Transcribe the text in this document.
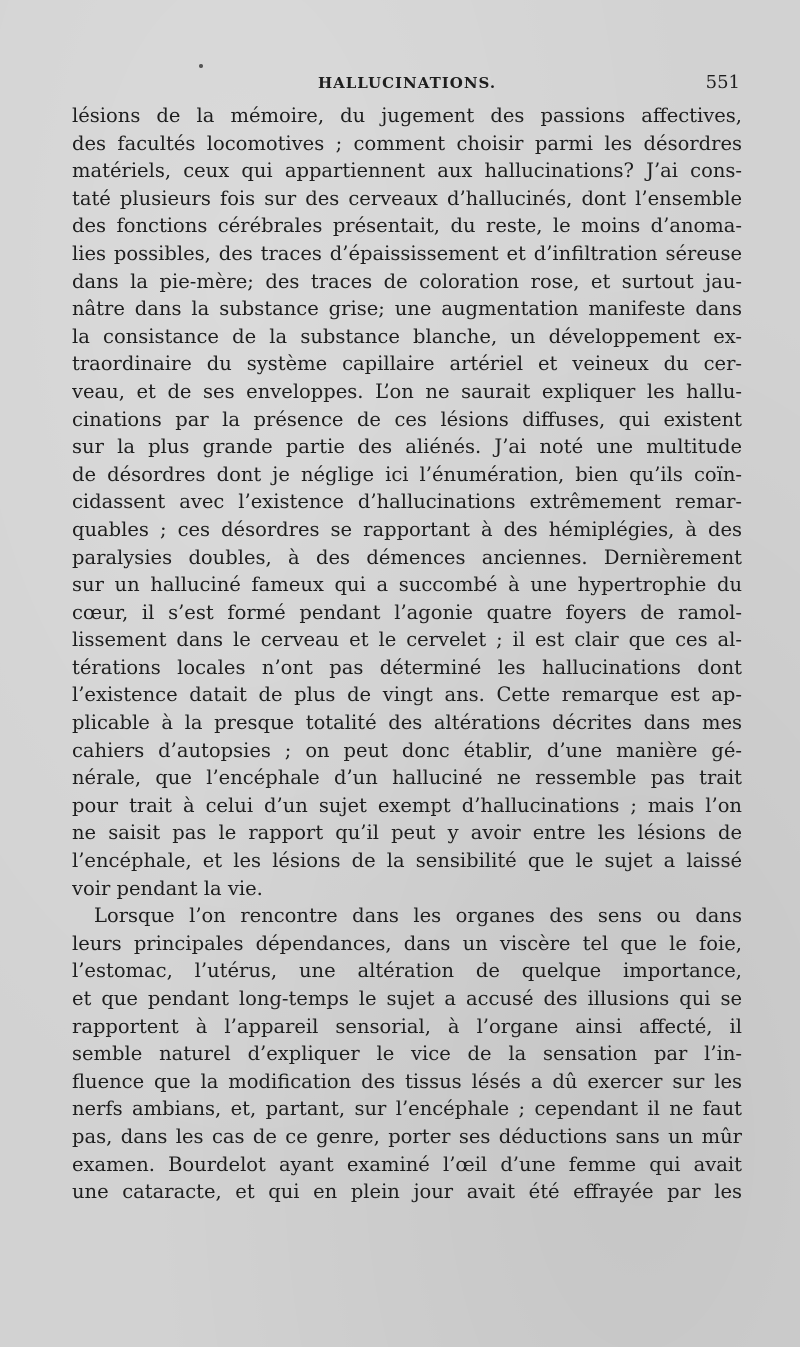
HALLUCINATIONS.	551
lésions de la mémoire, du jugement des passions affectives,
des facultés locomotives ; comment choisir parmi les désordres
matériels, ceux qui appartiennent aux hallucinations? J’ai cons-
taté plusieurs fois sur des cerveaux d’hallucinés, dont l’ensemble
des fonctions cérébrales présentait, du reste, le moins d’anoma-
lies possibles, des traces d’épaississement et d’infiltration séreuse
dans la pie-mère; des traces de coloration rose, et surtout jau-
nâtre dans la substance grise; une augmentation manifeste dans
la consistance de la substance blanche, un développement ex-
traordinaire du système capillaire artériel et veineux du cer-
veau, et de ses enveloppes. L’on ne saurait expliquer les hallu-
cinations par la présence de ces lésions diffuses, qui existent
sur la plus grande partie des aliénés. J’ai noté une multitude
de désordres dont je néglige ici l’énumération, bien qu’ils coïn-
cidassent avec l’existence d’hallucinations extrêmement remar-
quables ; ces désordres se rapportant à des hémiplégies, à des
paralysies doubles, à des démences anciennes. Dernièrement
sur un halluciné fameux qui a succombé à une hypertrophie du
cœur, il s’est formé pendant l’agonie quatre foyers de ramol-
lissement dans le cerveau et le cervelet ; il est clair que ces al-
térations locales n’ont pas déterminé les hallucinations dont
l’existence datait de plus de vingt ans. Cette remarque est ap-
plicable à la presque totalité des altérations décrites dans mes
cahiers d’autopsies ; on peut donc établir, d’une manière gé-
nérale, que l’encéphale d’un halluciné ne ressemble pas trait
pour trait à celui d’un sujet exempt d’hallucinations ; mais l’on
ne saisit pas le rapport qu’il peut y avoir entre les lésions de
l’encéphale, et les lésions de la sensibilité que le sujet a laissé
voir pendant la vie.
Lorsque l’on rencontre dans les organes des sens ou dans
leurs principales dépendances, dans un viscère tel que le foie,
l’estomac, l’utérus, une altération de quelque importance,
et que pendant long-temps le sujet a accusé des illusions qui se
rapportent à l’appareil sensorial, à l’organe ainsi affecté, il
semble naturel d’expliquer le vice de la sensation par l’in-
fluence que la modification des tissus lésés a dû exercer sur les
nerfs ambians, et, partant, sur l’encéphale ; cependant il ne faut
pas, dans les cas de ce genre, porter ses déductions sans un mûr
examen. Bourdelot ayant examiné l’œil d’une femme qui avait
une cataracte, et qui en plein jour avait été effrayée par les
